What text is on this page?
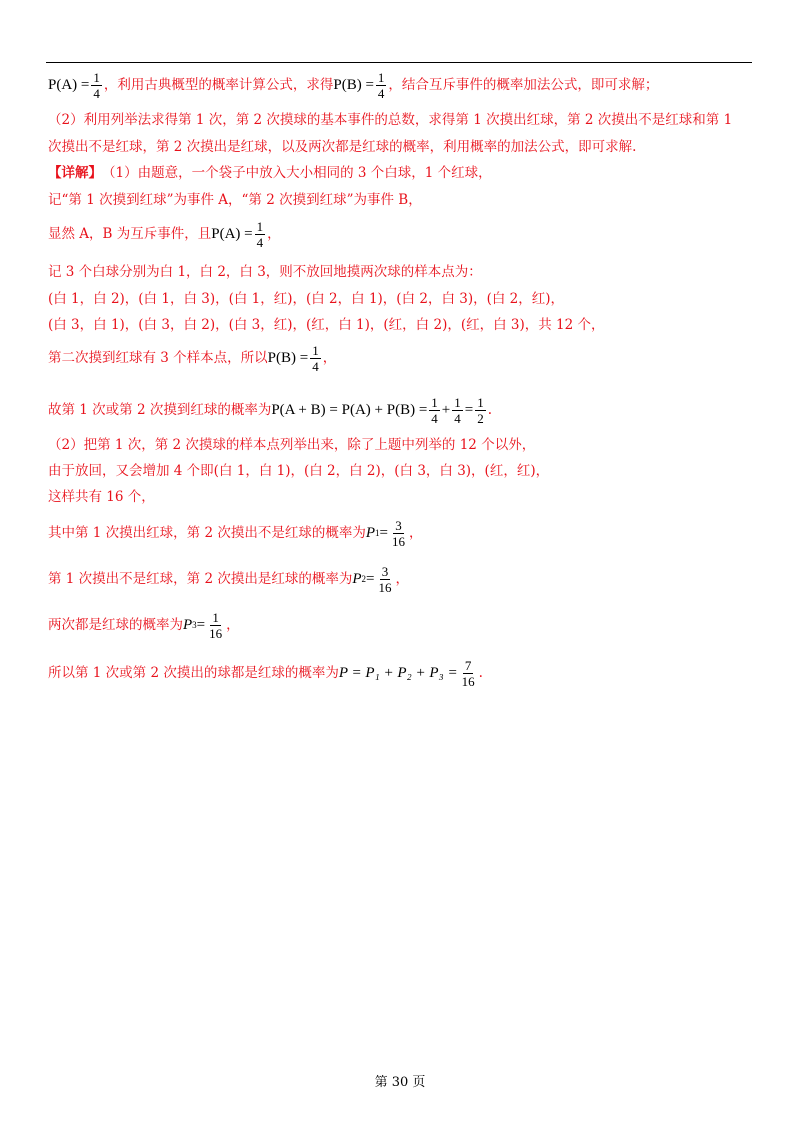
$P(A) = \frac{1}{4}$ ，利用古典概型的概率计算公式，求得 $P(B) = \frac{1}{4}$ ，结合互斥事件的概率加法公式，即可求解；
（2）利用列举法求得第 1 次，第 2 次摸球的基本事件的总数，求得第 1 次摸出红球，第 2 次摸出不是红球和第 1
次摸出不是红球，第 2 次摸出是红球，以及两次都是红球的概率，利用概率的加法公式，即可求解.
【详解】 （1）由题意，一个袋子中放入大小相同的 3 个白球，1 个红球，
记“第 1 次摸到红球”为事件 A，“第 2 次摸到红球”为事件 B，
显然 A，B 为互斥事件，且 $P(A) = \frac{1}{4}$ ，
记 3 个白球分别为白 1，白 2，白 3，则不放回地摸两次球的样本点为：
(白 1，白 2)，(白 1，白 3)，(白 1，红)，(白 2，白 1)，(白 2，白 3)，(白 2，红)，
(白 3，白 1)，(白 3，白 2)，(白 3，红)，(红，白 1)，(红，白 2)，(红，白 3)，共 12 个，
第二次摸到红球有 3 个样本点，所以 $P(B) = \frac{1}{4}$ ，
故第 1 次或第 2 次摸到红球的概率为 $P(A + B) = P(A) + P(B) = \frac{1}{4} + \frac{1}{4} = \frac{1}{2}$ .
（2）把第 1 次，第 2 次摸球的样本点列举出来，除了上题中列举的 12 个以外，
由于放回，又会增加 4 个即(白 1，白 1)，(白 2，白 2)，(白 3，白 3)，(红，红)，
这样共有 16 个，
其中第 1 次摸出红球，第 2 次摸出不是红球的概率为 P $1 = \frac{3}{16}$ ，
第 1 次摸出不是红球，第 2 次摸出是红球的概率为 P $2 = \frac{3}{16}$ ，
两次都是红球的概率为 P $3 = \frac{1}{16}$ ，
所以第 1 次或第 2 次摸出的球都是红球的概率为 $P = P_1 + P_2 + P_3 = \frac{7}{16}$ .
第 30 页
